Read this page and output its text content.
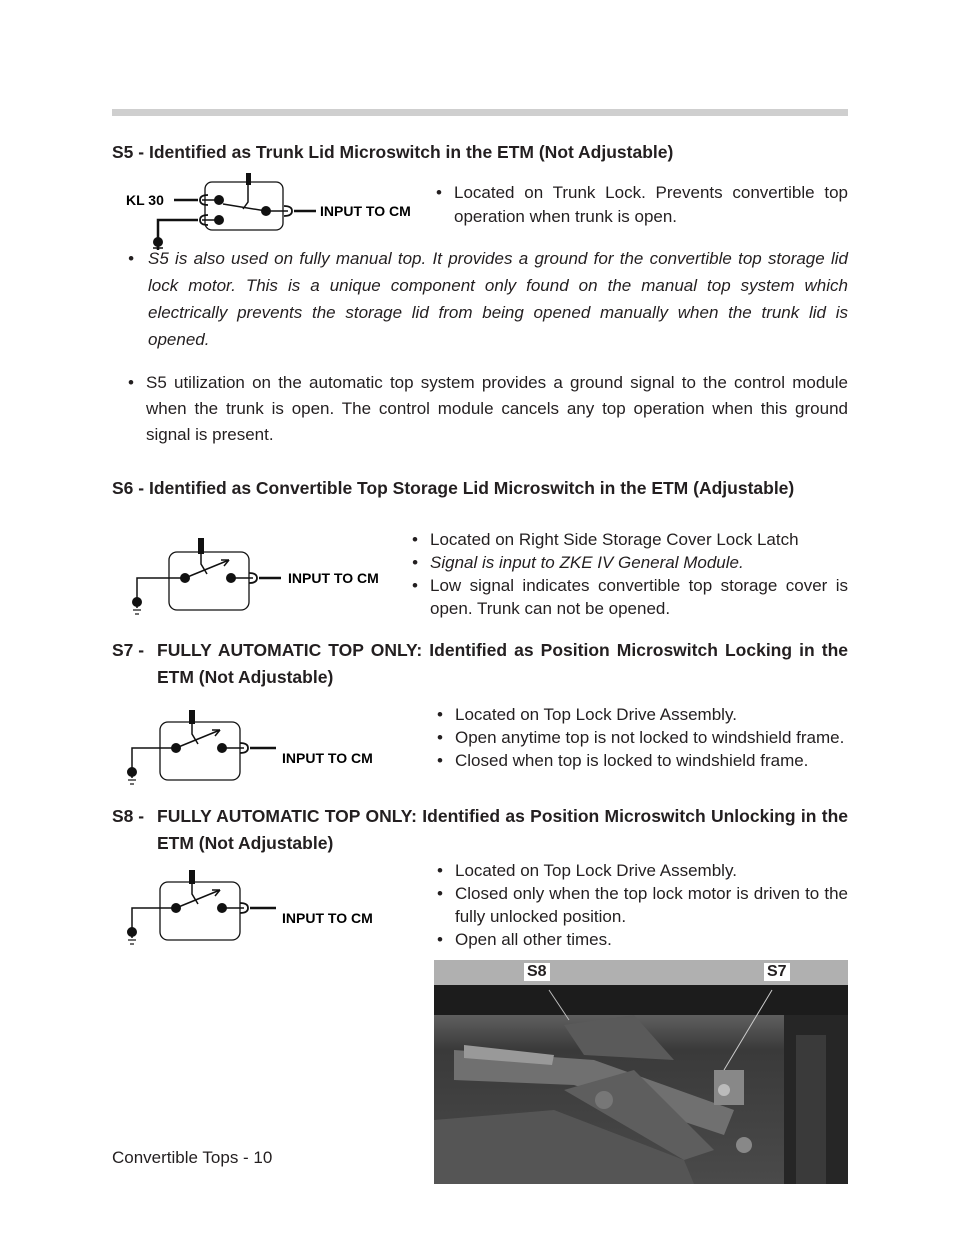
S5 - Identified as Trunk Lid Microswitch in the ETM (Not Adjustable)
KL 30
INPUT TO CM
• Located on Trunk Lock. Prevents convertible top operation when trunk is open.
• S5 is also used on fully manual top. It provides a ground for the convertible top storage lid lock motor. This is a unique component only found on the manual top system which electrically prevents the storage lid from being opened manually when the trunk lid is opened.
• S5 utilization on the automatic top system provides a ground signal to the control module when the trunk is open. The control module cancels any top operation when this ground signal is present.
S6 - Identified as Convertible Top Storage Lid Microswitch in the ETM (Adjustable)
INPUT TO CM
• Located on Right Side Storage Cover Lock Latch
• Signal is input to ZKE IV General Module.
• Low signal indicates convertible top storage cover is open. Trunk can not be opened.
S7 - FULLY AUTOMATIC TOP ONLY: Identified as Position Microswitch Locking in the ETM (Not Adjustable)
INPUT TO CM
• Located on Top Lock Drive Assembly.
• Open anytime top is not locked to windshield frame.
• Closed when top is locked to windshield frame.
S8 - FULLY AUTOMATIC TOP ONLY: Identified as Position Microswitch Unlocking in the ETM (Not Adjustable)
INPUT TO CM
• Located on Top Lock Drive Assembly.
• Closed only when the top lock motor is driven to the fully unlocked position.
• Open all other times.
S8	S7
Convertible Tops - 10
